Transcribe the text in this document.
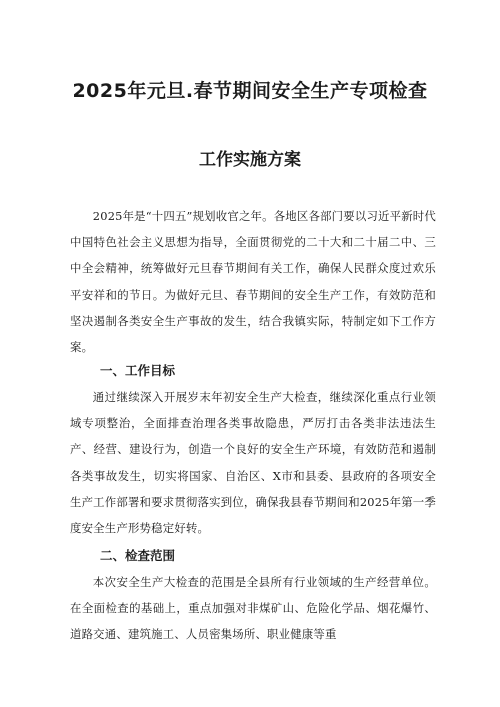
2025年元旦.春节期间安全生产专项检查
工作实施方案

2025年是“十四五”规划收官之年。各地区各部门要以习近平新时代中国特色社会主义思想为指导，全面贯彻党的二十大和二十届二中、三中全会精神，统筹做好元旦春节期间有关工作，确保人民群众度过欢乐平安祥和的节日。为做好元旦、春节期间的安全生产工作，有效防范和坚决遏制各类安全生产事故的发生，结合我镇实际，特制定如下工作方案。

一、工作目标

通过继续深入开展岁末年初安全生产大检查，继续深化重点行业领域专项整治，全面排查治理各类事故隐患，严厉打击各类非法违法生产、经营、建设行为，创造一个良好的安全生产环境，有效防范和遏制各类事故发生，切实将国家、自治区、X市和县委、县政府的各项安全生产工作部署和要求贯彻落实到位，确保我县春节期间和2025年第一季度安全生产形势稳定好转。

二、检查范围

本次安全生产大检查的范围是全县所有行业领域的生产经营单位。在全面检查的基础上，重点加强对非煤矿山、危险化学品、烟花爆竹、道路交通、建筑施工、人员密集场所、职业健康等重
